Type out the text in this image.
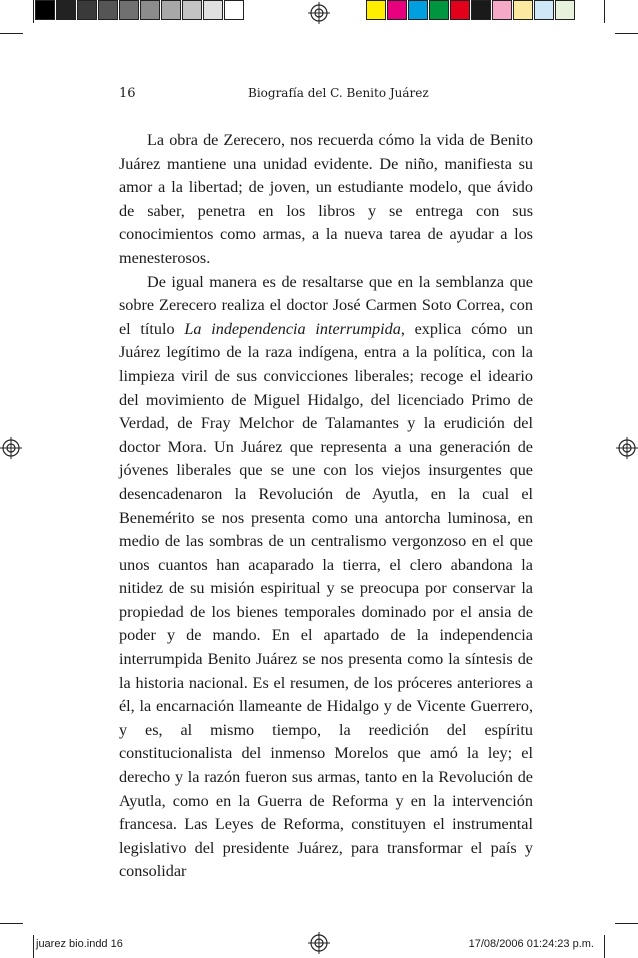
16	Biografía del C. Benito Juárez

La obra de Zerecero, nos recuerda cómo la vida de Benito Juárez mantiene una unidad evidente. De niño, manifiesta su amor a la libertad; de joven, un estudiante modelo, que ávido de saber, penetra en los libros y se entrega con sus conocimientos como armas, a la nueva tarea de ayudar a los menesterosos.

De igual manera es de resaltarse que en la semblanza que sobre Zerecero realiza el doctor José Carmen Soto Correa, con el título La independencia interrumpida, explica cómo un Juárez legítimo de la raza indígena, entra a la política, con la limpieza viril de sus convicciones liberales; recoge el ideario del movimiento de Miguel Hidalgo, del licenciado Primo de Verdad, de Fray Melchor de Talamantes y la erudición del doctor Mora. Un Juárez que representa a una generación de jóvenes liberales que se une con los viejos insurgentes que desencadenaron la Revolución de Ayutla, en la cual el Benemérito se nos presenta como una antorcha luminosa, en medio de las sombras de un centralismo vergonzoso en el que unos cuantos han acaparado la tierra, el clero abandona la nitidez de su misión espiritual y se preocupa por conservar la propiedad de los bienes temporales dominado por el ansia de poder y de mando. En el apartado de la independencia interrumpida Benito Juárez se nos presenta como la síntesis de la historia nacional. Es el resumen, de los próceres anteriores a él, la encarnación llameante de Hidalgo y de Vicente Guerrero, y es, al mismo tiempo, la reedición del espíritu constitucionalista del inmenso Morelos que amó la ley; el derecho y la razón fueron sus armas, tanto en la Revolución de Ayutla, como en la Guerra de Reforma y en la intervención francesa. Las Leyes de Reforma, constituyen el instrumental legislativo del presidente Juárez, para transformar el país y consolidar

juarez bio.indd 16	17/08/2006 01:24:23 p.m.
